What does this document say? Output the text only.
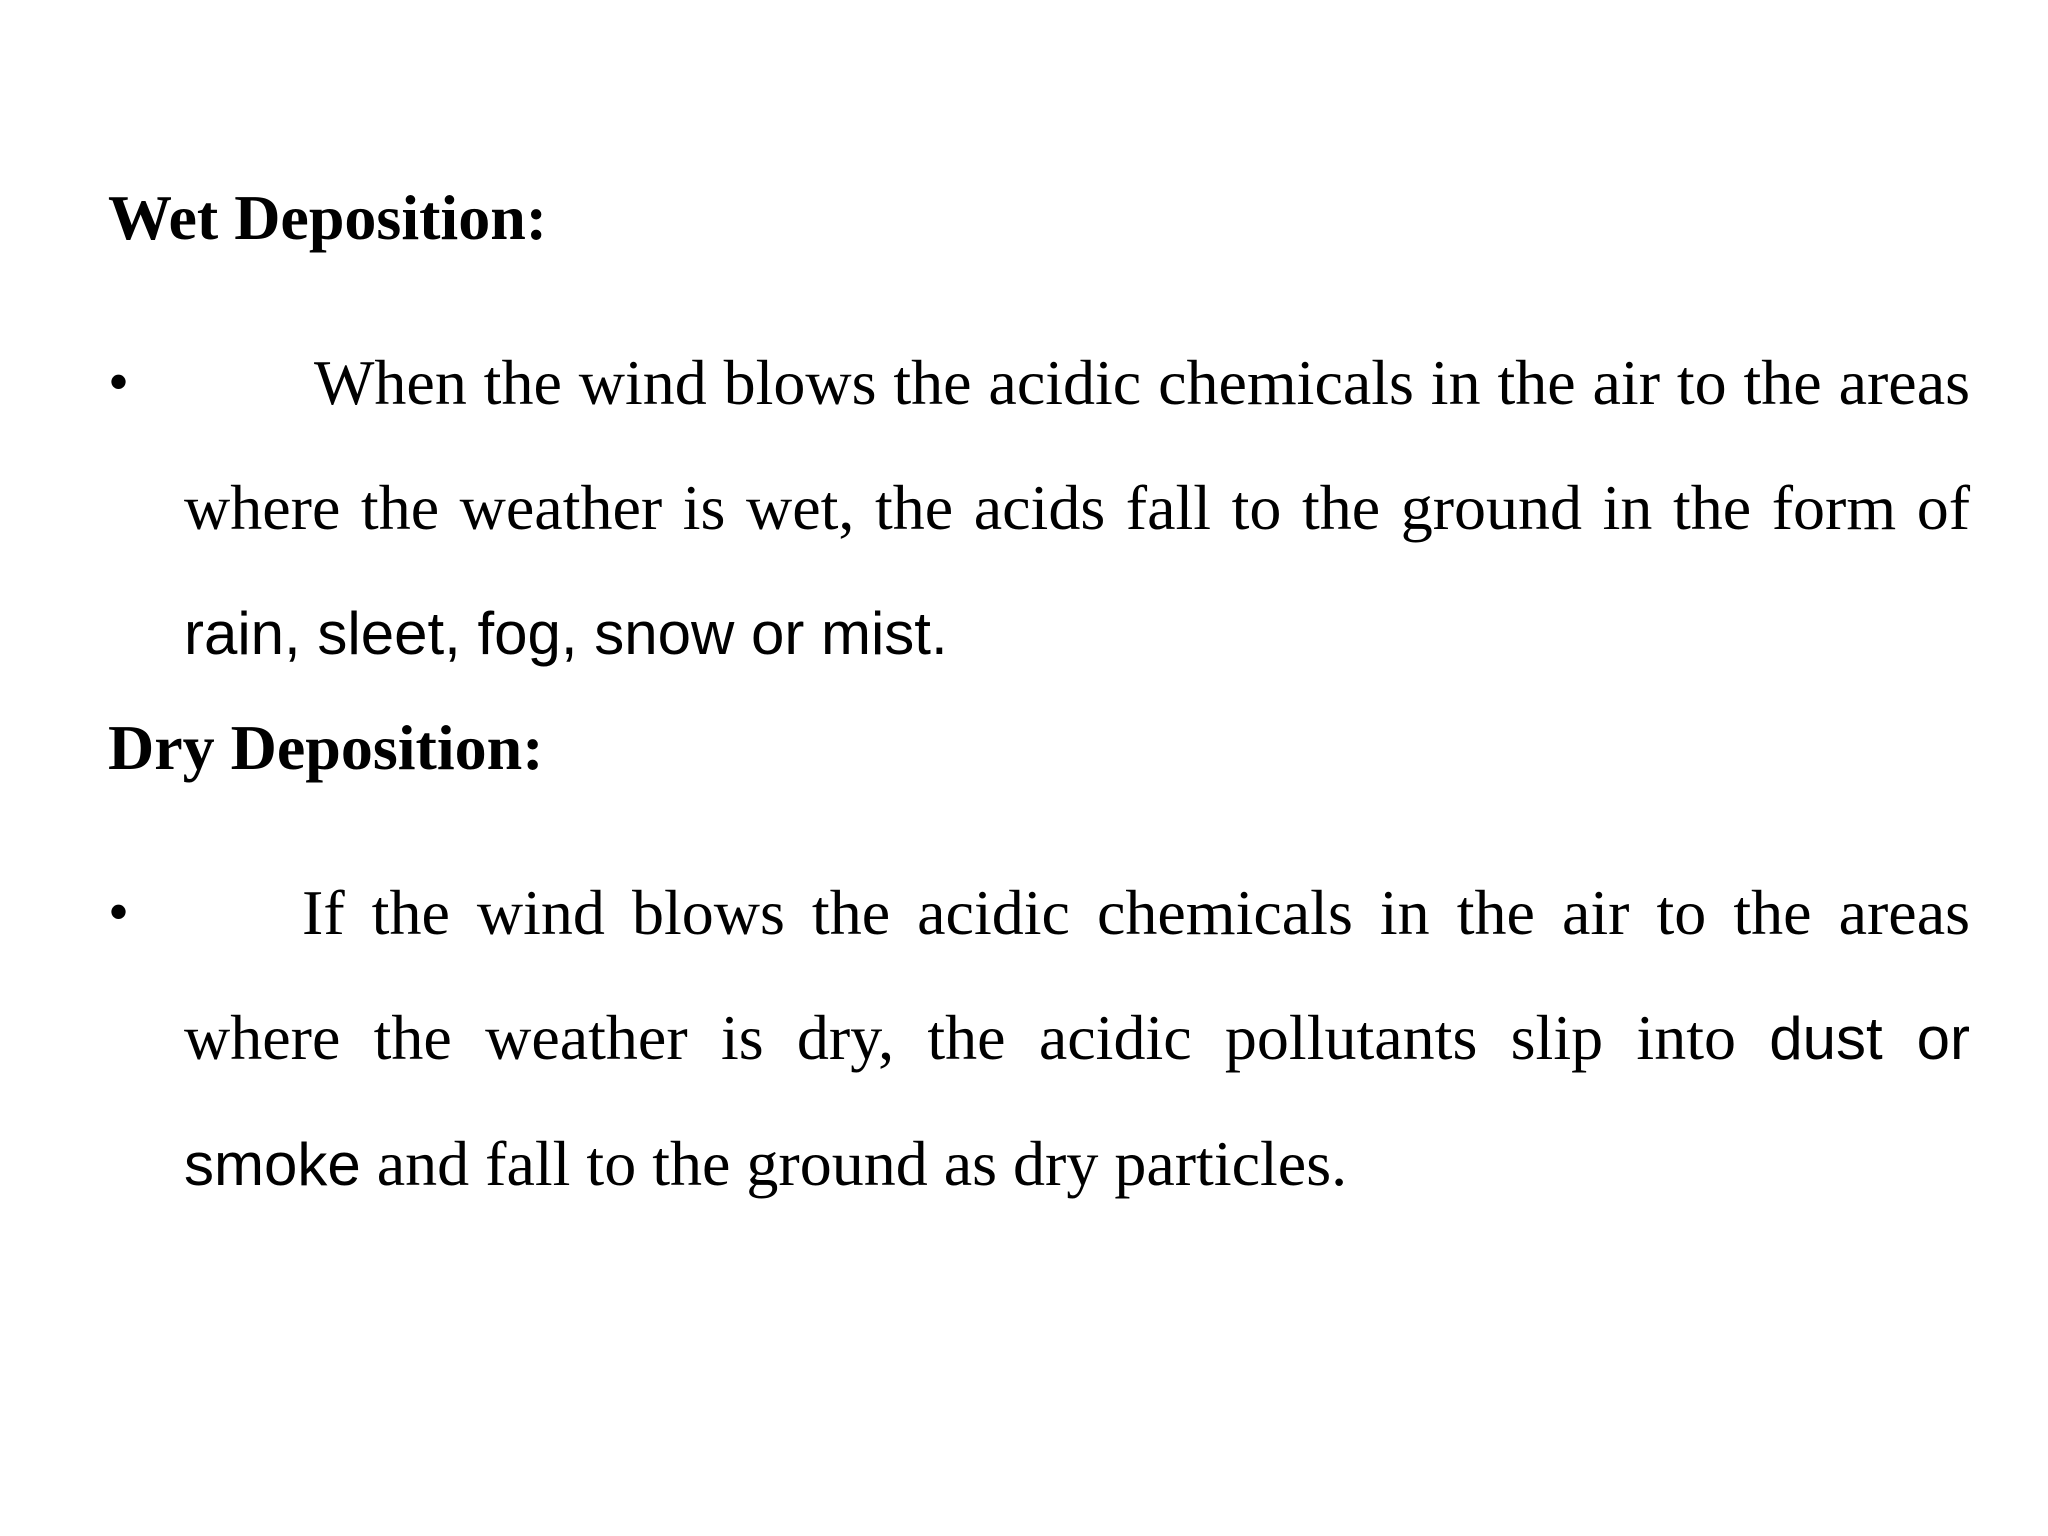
Wet Deposition:
•	When the wind blows the acidic chemicals in the air to the areas where the weather is wet, the acids fall to the ground in the form of rain, sleet, fog, snow or mist.

Dry Deposition:
•	If the wind blows the acidic chemicals in the air to the areas where the weather is dry, the acidic pollutants slip into dust or smoke and fall to the ground as dry particles.
